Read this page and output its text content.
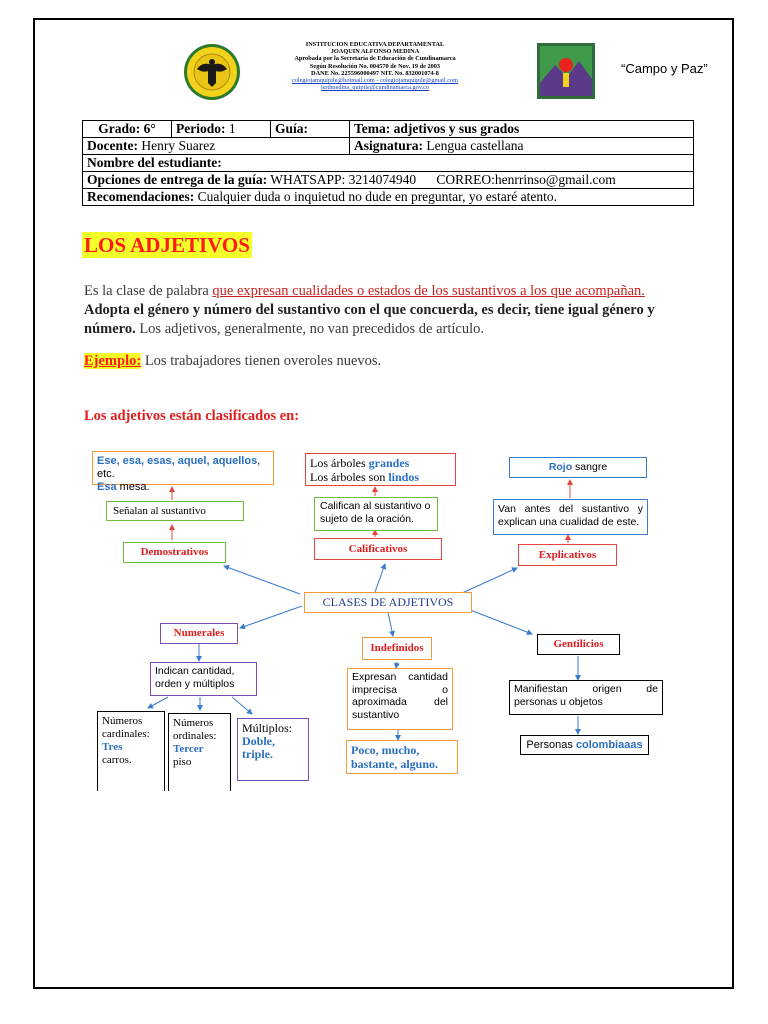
INSTITUCION EDUCATIVA DEPARTAMENTAL
JOAQUIN ALFONSO MEDINA
Aprobada por la Secretaría de Educación de Cundinamarca
Según Resolución No. 004570 de Nov. 19 de 2003
DANE No. 225596000497 NIT. No. 832001074-8
colegiojamquipile@hotmail.com - colegiojamquipile@gmail.com
ierdmedina_quipile@cundinamarca.gov.co
“Campo y Paz”
Grado: 6°	Periodo: 1	Guía:	Tema: adjetivos y sus grados
Docente: Henry Suarez			Asignatura: Lengua castellana
Nombre del estudiante:			
Opciones de entrega de la guía: WHATSAPP: 3214074940      CORREO:henrrinso@gmail.com			
Recomendaciones: Cualquier duda o inquietud no dude en preguntar, yo estaré atento.			
LOS ADJETIVOS
Es la clase de palabra que expresan cualidades o estados de los sustantivos a los que acompañan.
Adopta el género y número del sustantivo con el que concuerda, es decir, tiene igual género y número. Los adjetivos, generalmente, no van precedidos de artículo.
Ejemplo: Los trabajadores tienen overoles nuevos.
Los adjetivos están clasificados en:
CLASES DE ADJETIVOS
Ese, esa, esas, aquel, aquellos, etc.
Esa mesa.
Señalan al sustantivo
Demostrativos
Los árboles grandes
Los árboles son lindos
Califican al sustantivo o sujeto de la oración.
Calificativos
Rojo sangre
Van antes del sustantivo y explican una cualidad de este.
Explicativos
Numerales
Indican cantidad, orden y múltiplos
Números cardinales:
Tres
carros.
Números ordinales:
Tercer
piso
Múltiplos:
Doble, triple.
Indefinidos
Expresan cantidad imprecisa o aproximada del sustantivo
Poco, mucho, bastante, alguno.
Gentilicios
Manifiestan origen de personas u objetos
Personas colombiaaas
